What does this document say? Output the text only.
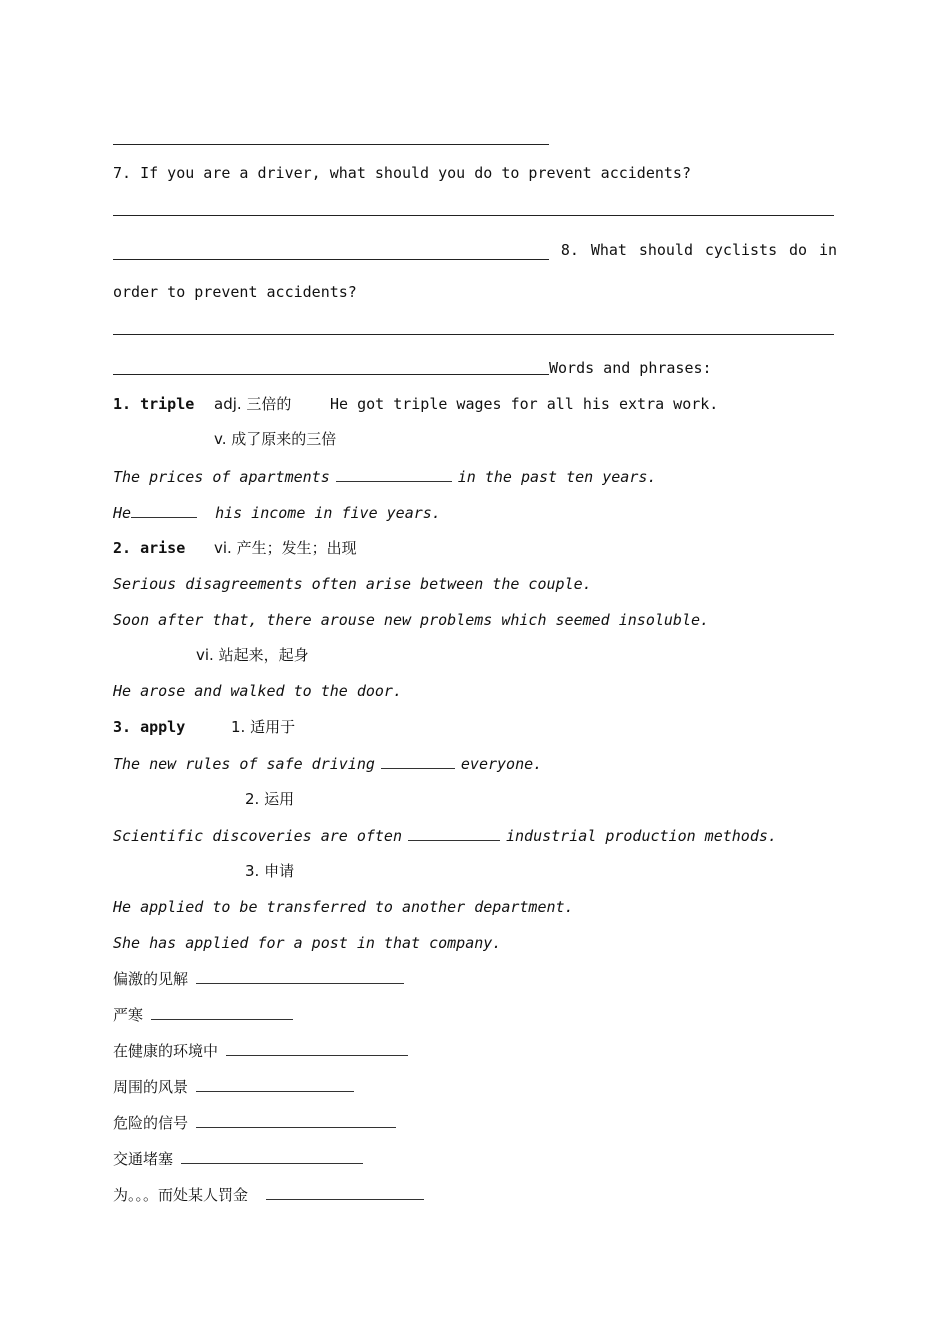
7. If you are a driver, what should you do to prevent accidents?
8. What should cyclists do in
order to prevent accidents?
Words and phrases:
1. triple adj. 三倍的	He got triple wages for all his extra work.
v. 成了原来的三倍
The prices of apartments	in the past ten years.
He	his income in five years.
2. arise vi. 产生；发生；出现
Serious disagreements often arise between the couple.
Soon after that, there arouse new problems which seemed insoluble.
vi. 站起来，起身
He arose and walked to the door.
3. apply	1. 适用于
The new rules of safe driving	everyone.
2. 运用
Scientific discoveries are often	industrial production methods.
3. 申请
He applied to be transferred to another department.
She has applied for a post in that company.
偏激的见解
严寒
在健康的环境中
周围的风景
危险的信号
交通堵塞
为。。。而处某人罚金
